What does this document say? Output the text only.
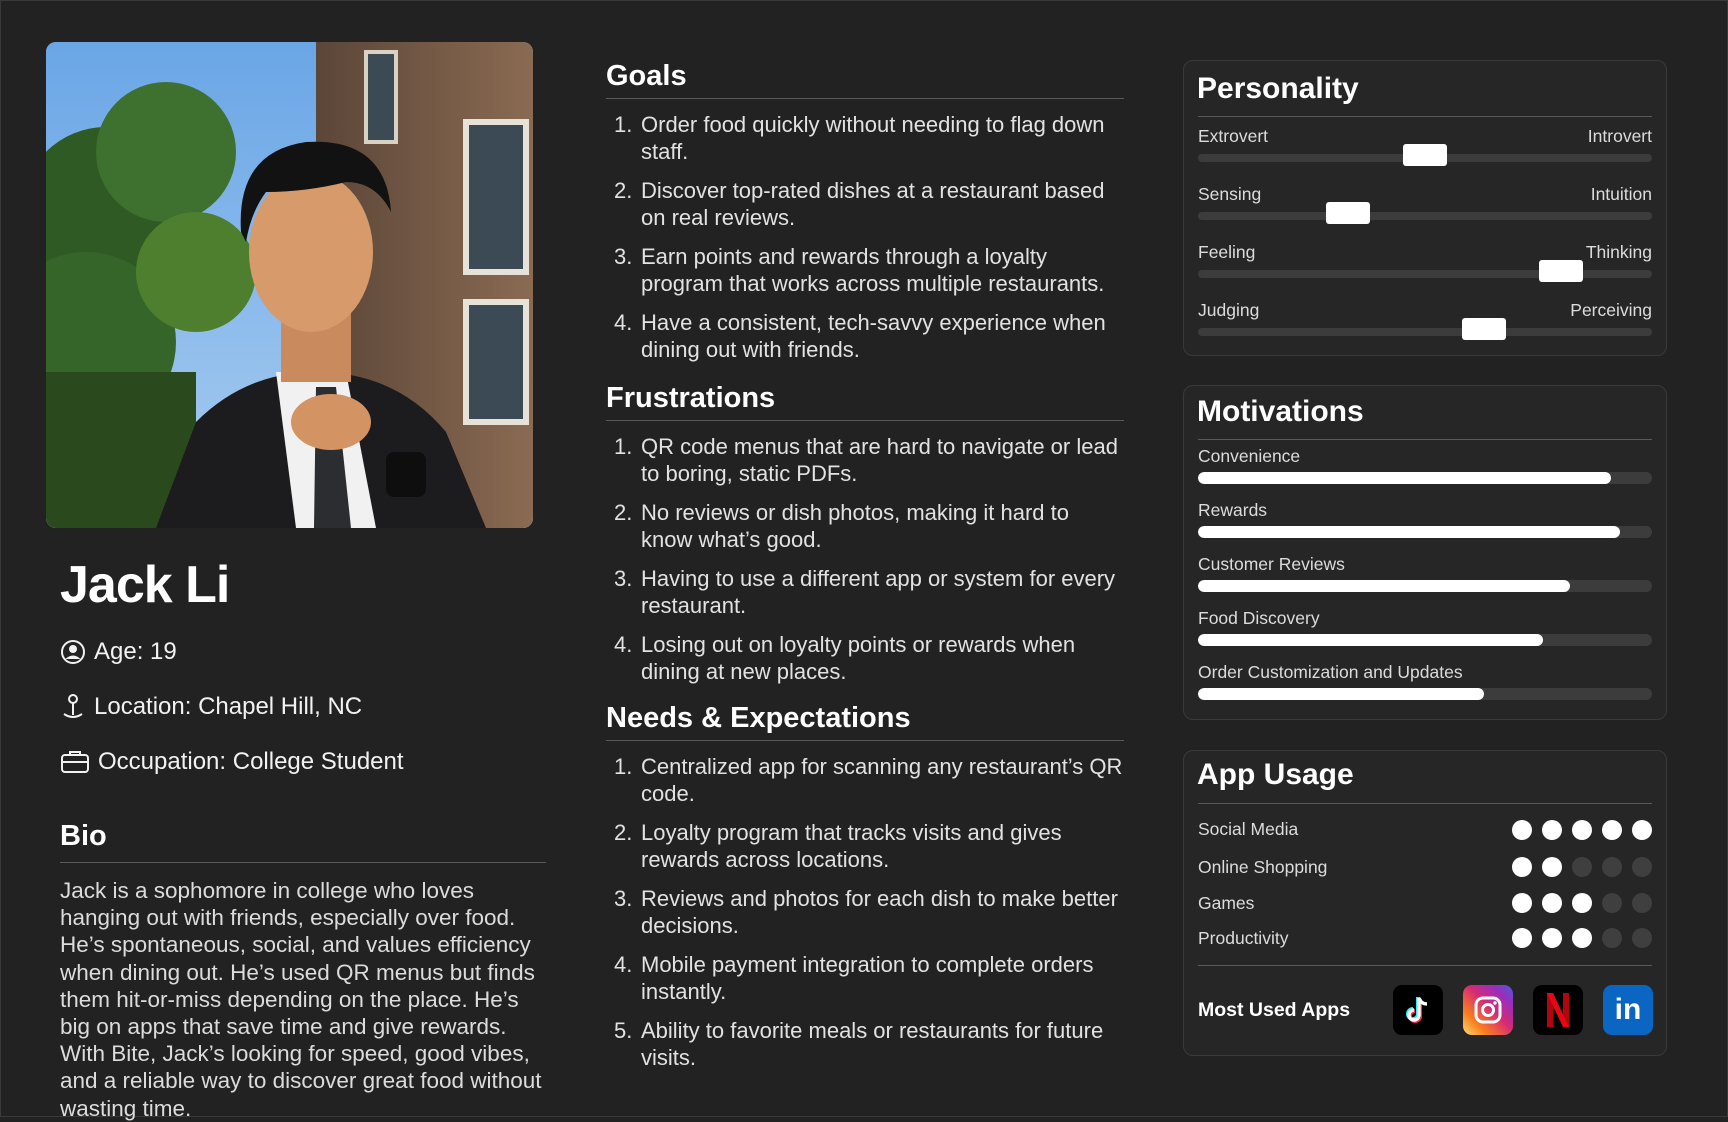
Jack Li
Age: 19
Location: Chapel Hill, NC
Occupation: College Student
Bio
Jack is a sophomore in college who loves hanging out with friends, especially over food. He’s spontaneous, social, and values efficiency when dining out. He’s used QR menus but finds them hit-or-miss depending on the place. He’s big on apps that save time and give rewards. With Bite, Jack’s looking for speed, good vibes, and a reliable way to discover great food without wasting time.
Goals
1. Order food quickly without needing to flag down staff.
2. Discover top-rated dishes at a restaurant based on real reviews.
3. Earn points and rewards through a loyalty program that works across multiple restaurants.
4. Have a consistent, tech-savvy experience when dining out with friends.
Frustrations
1. QR code menus that are hard to navigate or lead to boring, static PDFs.
2. No reviews or dish photos, making it hard to know what’s good.
3. Having to use a different app or system for every restaurant.
4. Losing out on loyalty points or rewards when dining at new places.
Needs & Expectations
1. Centralized app for scanning any restaurant’s QR code.
2. Loyalty program that tracks visits and gives rewards across locations.
3. Reviews and photos for each dish to make better decisions.
4. Mobile payment integration to complete orders instantly.
5. Ability to favorite meals or restaurants for future visits.
Personality
Extrovert	Introvert
Sensing	Intuition
Feeling	Thinking
Judging	Perceiving
Motivations
Convenience
Rewards
Customer Reviews
Food Discovery
Order Customization and Updates
App Usage
Social Media
Online Shopping
Games
Productivity
Most Used Apps	in
